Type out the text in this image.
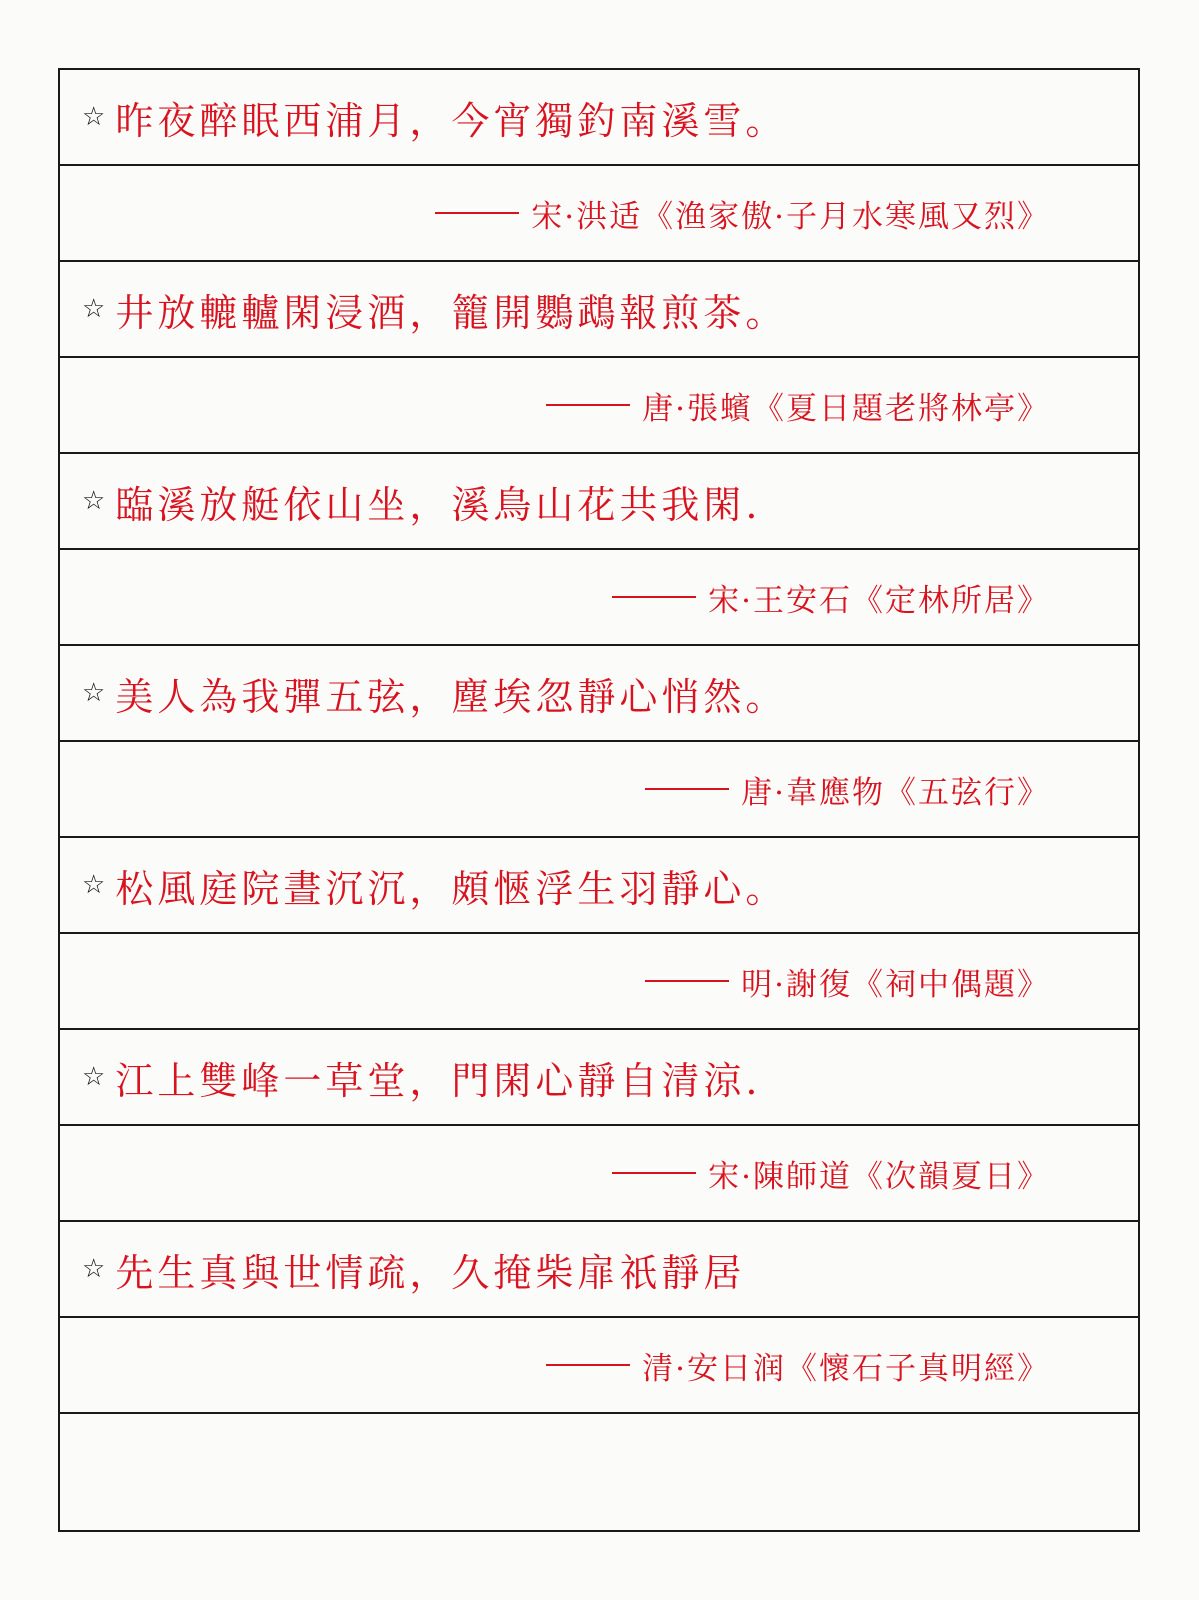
☆ 昨夜醉眠西浦月，今宵獨釣南溪雪。
宋·洪适《渔家傲·子月水寒風又烈》
☆ 井放轆轤閑浸酒，籠開鸚鵡報煎茶。
唐·張蠙《夏日題老將林亭》
☆ 臨溪放艇依山坐，溪鳥山花共我閑.
宋·王安石《定林所居》
☆ 美人為我彈五弦，塵埃忽靜心悄然。
唐·韋應物《五弦行》
☆ 松風庭院晝沉沉，頗愜浮生羽靜心。
明·謝復《祠中偶題》
☆ 江上雙峰一草堂，門閑心靜自清涼.
宋·陳師道《次韻夏日》
☆ 先生真與世情疏，久掩柴扉祇靜居
清·安日润《懷石子真明經》
